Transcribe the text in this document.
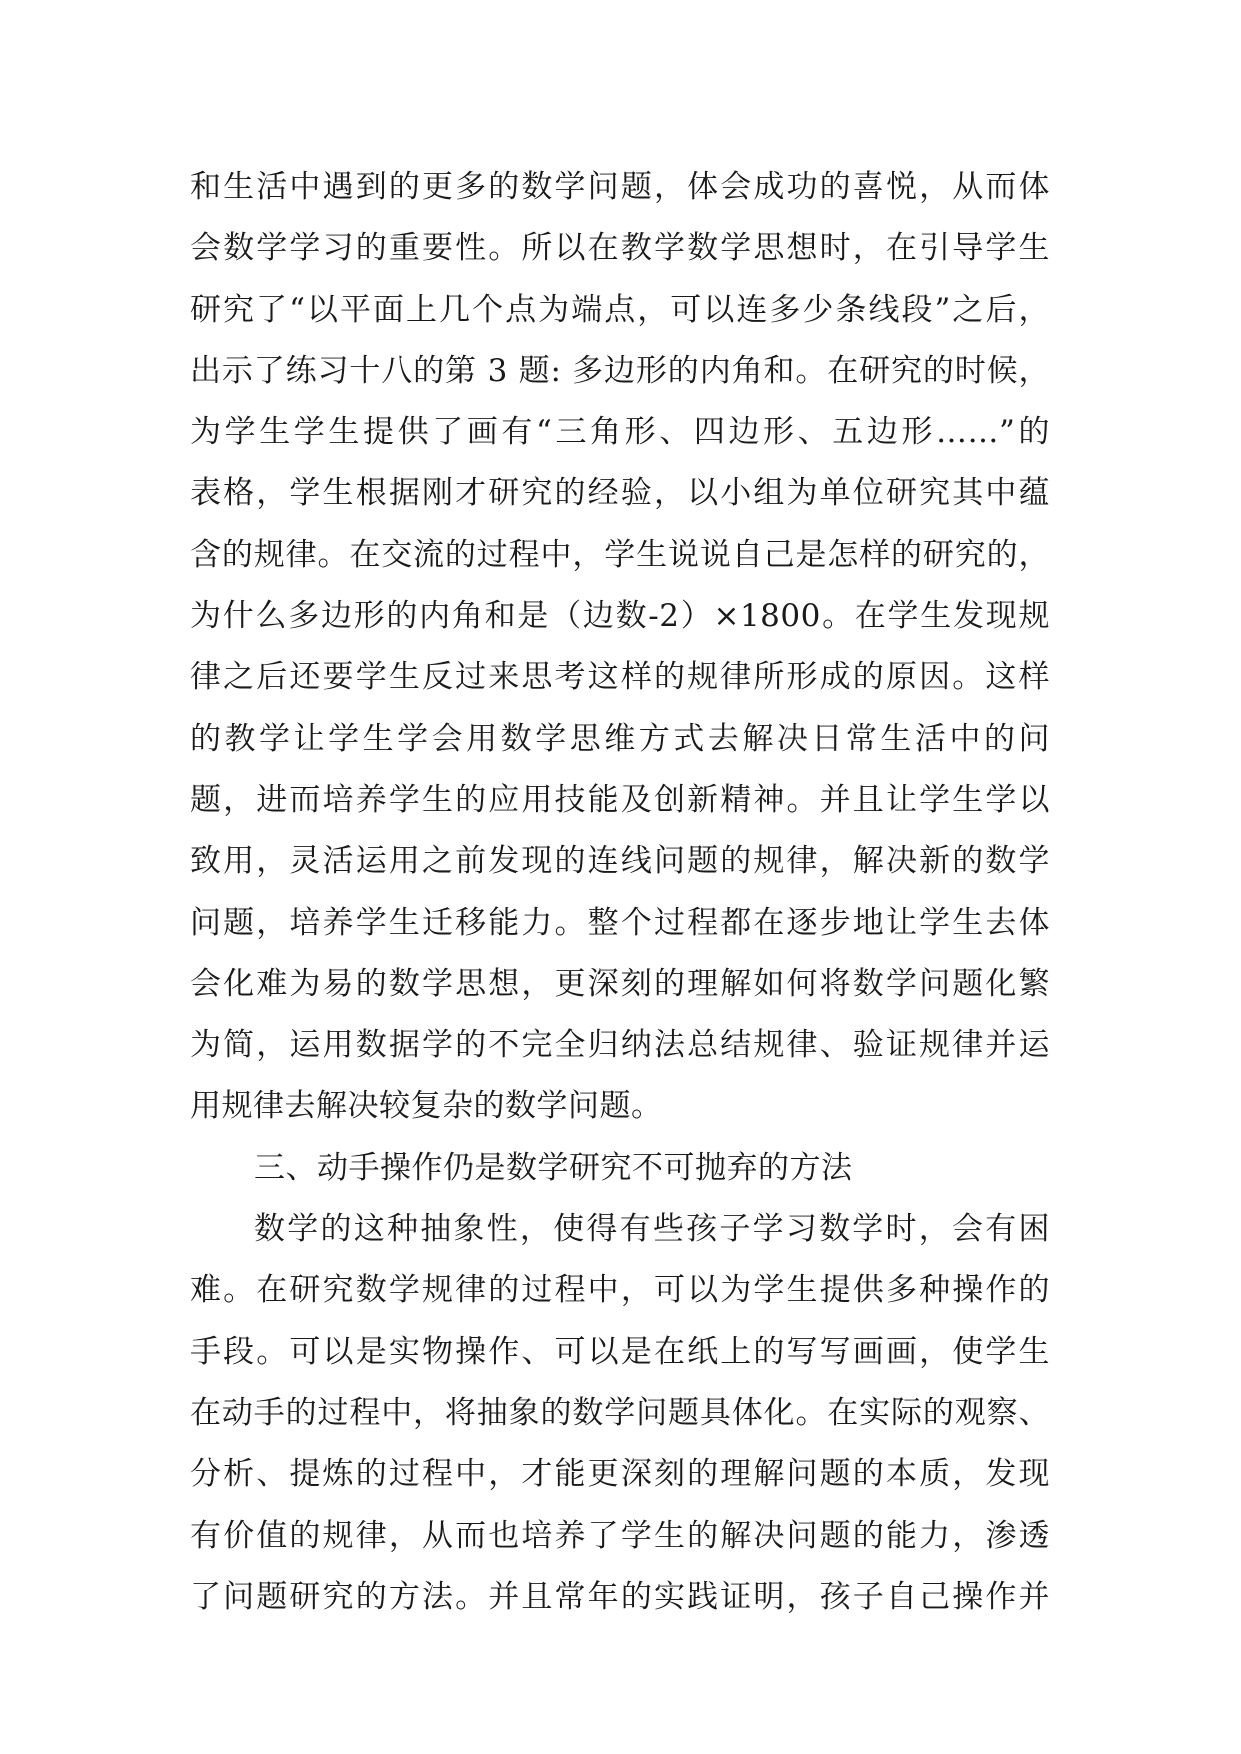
和生活中遇到的更多的数学问题，体会成功的喜悦，从而体
会数学学习的重要性。所以在教学数学思想时，在引导学生
研究了“以平面上几个点为端点，可以连多少条线段”之后，
出示了练习十八的第 3 题: 多边形的内角和。在研究的时候，
为学生学生提供了画有“三角形、四边形、五边形……”的
表格，学生根据刚才研究的经验，以小组为单位研究其中蕴
含的规律。在交流的过程中，学生说说自己是怎样的研究的，
为什么多边形的内角和是（边数-2）×1800。在学生发现规
律之后还要学生反过来思考这样的规律所形成的原因。这样
的教学让学生学会用数学思维方式去解决日常生活中的问
题，进而培养学生的应用技能及创新精神。并且让学生学以
致用，灵活运用之前发现的连线问题的规律，解决新的数学
问题，培养学生迁移能力。整个过程都在逐步地让学生去体
会化难为易的数学思想，更深刻的理解如何将数学问题化繁
为简，运用数据学的不完全归纳法总结规律、验证规律并运
用规律去解决较复杂的数学问题。
三、动手操作仍是数学研究不可抛弃的方法
数学的这种抽象性，使得有些孩子学习数学时，会有困
难。在研究数学规律的过程中，可以为学生提供多种操作的
手段。可以是实物操作、可以是在纸上的写写画画，使学生
在动手的过程中，将抽象的数学问题具体化。在实际的观察、
分析、提炼的过程中，才能更深刻的理解问题的本质，发现
有价值的规律，从而也培养了学生的解决问题的能力，渗透
了问题研究的方法。并且常年的实践证明，孩子自己操作并
